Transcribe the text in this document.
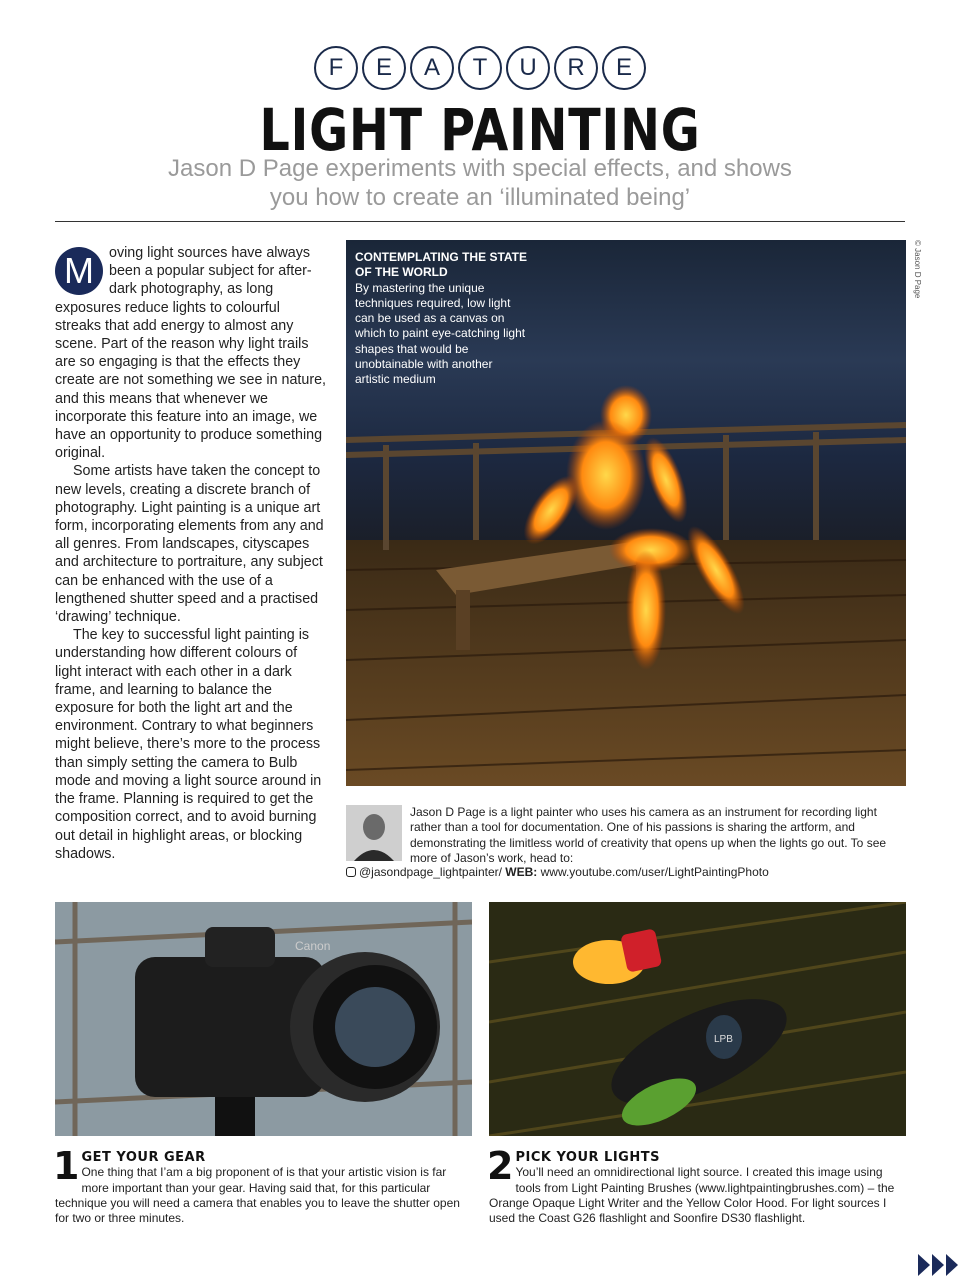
F	E	A	T	U	R	E
LIGHT PAINTING
Jason D Page experiments with special effects, and shows you how to create an ‘illuminated being’

M	oving light sources have always been a popular subject for after-dark photography, as long exposures reduce lights to colourful streaks that add energy to almost any scene. Part of the reason why light trails are so engaging is that the effects they create are not something we see in nature, and this means that whenever we incorporate this feature into an image, we have an opportunity to produce something original.

Some artists have taken the concept to new levels, creating a discrete branch of photography. Light painting is a unique art form, incorporating elements from any and all genres. From landscapes, cityscapes and architecture to portraiture, any subject can be enhanced with the use of a lengthened shutter speed and a practised ‘drawing’ technique.

The key to successful light painting is understanding how different colours of light interact with each other in a dark frame, and learning to balance the exposure for both the light art and the environment. Contrary to what beginners might believe, there’s more to the process than simply setting the camera to Bulb mode and moving a light source around in the frame. Planning is required to get the composition correct, and to avoid burning out detail in highlight areas, or blocking shadows.

CONTEMPLATING THE STATE OF THE WORLD
By mastering the unique techniques required, low light can be used as a canvas on which to paint eye-catching light shapes that would be unobtainable with another artistic medium
© Jason D Page
Jason D Page is a light painter who uses his camera as an instrument for recording light rather than a tool for documentation. One of his passions is sharing the artform, and demonstrating the limitless world of creativity that opens up when the lights go out. To see more of Jason’s work, head to:
@jasondpage_lightpainter/ WEB: www.youtube.com/user/LightPaintingPhoto
Canon
LPB
1 GET YOUR GEAR
One thing that I’am a big proponent of is that your artistic vision is far more important than your gear. Having said that, for this particular technique you will need a camera that enables you to leave the shutter open for two or three minutes.
2 PICK YOUR LIGHTS
You’ll need an omnidirectional light source. I created this image using tools from Light Painting Brushes (www.lightpaintingbrushes.com) – the Orange Opaque Light Writer and the Yellow Color Hood. For light sources I used the Coast G26 flashlight and Soonfire DS30 flashlight.
